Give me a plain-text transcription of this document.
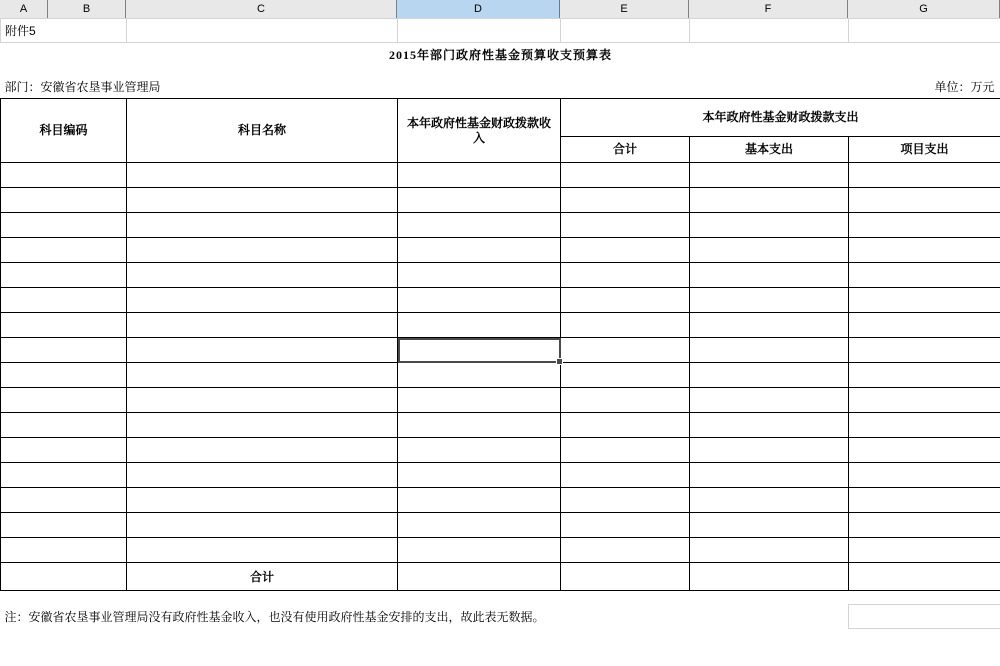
A	B	C	D	E	F	G
附件5					
2015年部门政府性基金预算收支预算表					

部门：安徽省农垦事业管理局					单位：万元
科目编码	科目名称	本年政府性基金财政拨款收入	本年政府性基金财政拨款支出		
			合计	基本支出	项目支出

	合计				

注：安徽省农垦事业管理局没有政府性基金收入，也没有使用政府性基金安排的支出，故此表无数据。					
